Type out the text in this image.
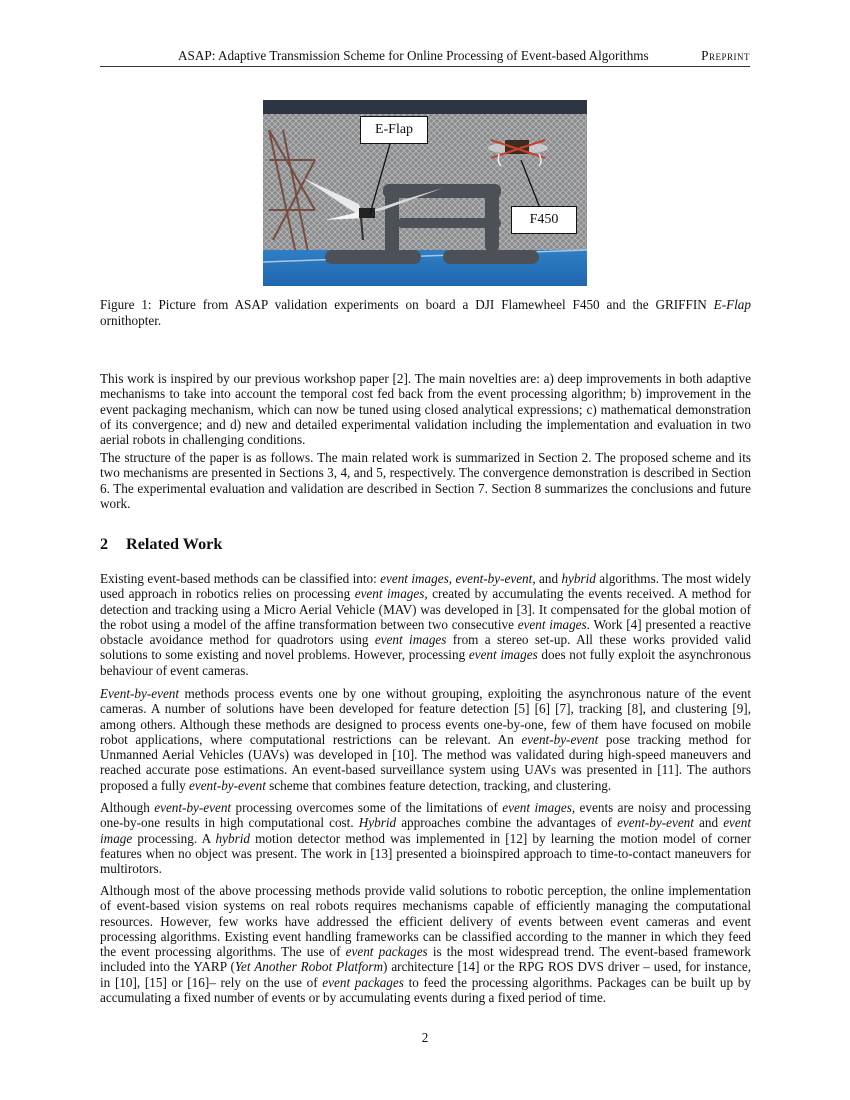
ASAP: Adaptive Transmission Scheme for Online Processing of Event-based Algorithms	Preprint
E-Flap
F450
Figure 1: Picture from ASAP validation experiments on board a DJI Flamewheel F450 and the GRIFFIN E-Flap ornithopter.

This work is inspired by our previous workshop paper [2]. The main novelties are: a) deep improvements in both adaptive mechanisms to take into account the temporal cost fed back from the event processing algorithm; b) improvement in the event packaging mechanism, which can now be tuned using closed analytical expressions; c) mathematical demonstration of its convergence; and d) new and detailed experimental validation including the implementation and evaluation in two aerial robots in challenging conditions.

The structure of the paper is as follows. The main related work is summarized in Section 2. The proposed scheme and its two mechanisms are presented in Sections 3, 4, and 5, respectively. The convergence demonstration is described in Section 6. The experimental evaluation and validation are described in Section 7. Section 8 summarizes the conclusions and future work.

2 Related Work

Existing event-based methods can be classified into: event images, event-by-event, and hybrid algorithms. The most widely used approach in robotics relies on processing event images, created by accumulating the events received. A method for detection and tracking using a Micro Aerial Vehicle (MAV) was developed in [3]. It compensated for the global motion of the robot using a model of the affine transformation between two consecutive event images. Work [4] presented a reactive obstacle avoidance method for quadrotors using event images from a stereo set-up. All these works provided valid solutions to some existing and novel problems. However, processing event images does not fully exploit the asynchronous behaviour of event cameras.

Event-by-event methods process events one by one without grouping, exploiting the asynchronous nature of the event cameras. A number of solutions have been developed for feature detection [5] [6] [7], tracking [8], and clustering [9], among others. Although these methods are designed to process events one-by-one, few of them have focused on mobile robot applications, where computational restrictions can be relevant. An event-by-event pose tracking method for Unmanned Aerial Vehicles (UAVs) was developed in [10]. The method was validated during high-speed maneuvers and reached accurate pose estimations. An event-based surveillance system using UAVs was presented in [11]. The authors proposed a fully event-by-event scheme that combines feature detection, tracking, and clustering.

Although event-by-event processing overcomes some of the limitations of event images, events are noisy and processing one-by-one results in high computational cost. Hybrid approaches combine the advantages of event-by-event and event image processing. A hybrid motion detector method was implemented in [12] by learning the motion model of corner features when no object was present. The work in [13] presented a bioinspired approach to time-to-contact maneuvers for multirotors.

Although most of the above processing methods provide valid solutions to robotic perception, the online implementation of event-based vision systems on real robots requires mechanisms capable of efficiently managing the computational resources. However, few works have addressed the efficient delivery of events between event cameras and event processing algorithms. Existing event handling frameworks can be classified according to the manner in which they feed the event processing algorithms. The use of event packages is the most widespread trend. The event-based framework included into the YARP (Yet Another Robot Platform) architecture [14] or the RPG ROS DVS driver – used, for instance, in [10], [15] or [16]– rely on the use of event packages to feed the processing algorithms. Packages can be built up by accumulating a fixed number of events or by accumulating events during a fixed period of time.

2
